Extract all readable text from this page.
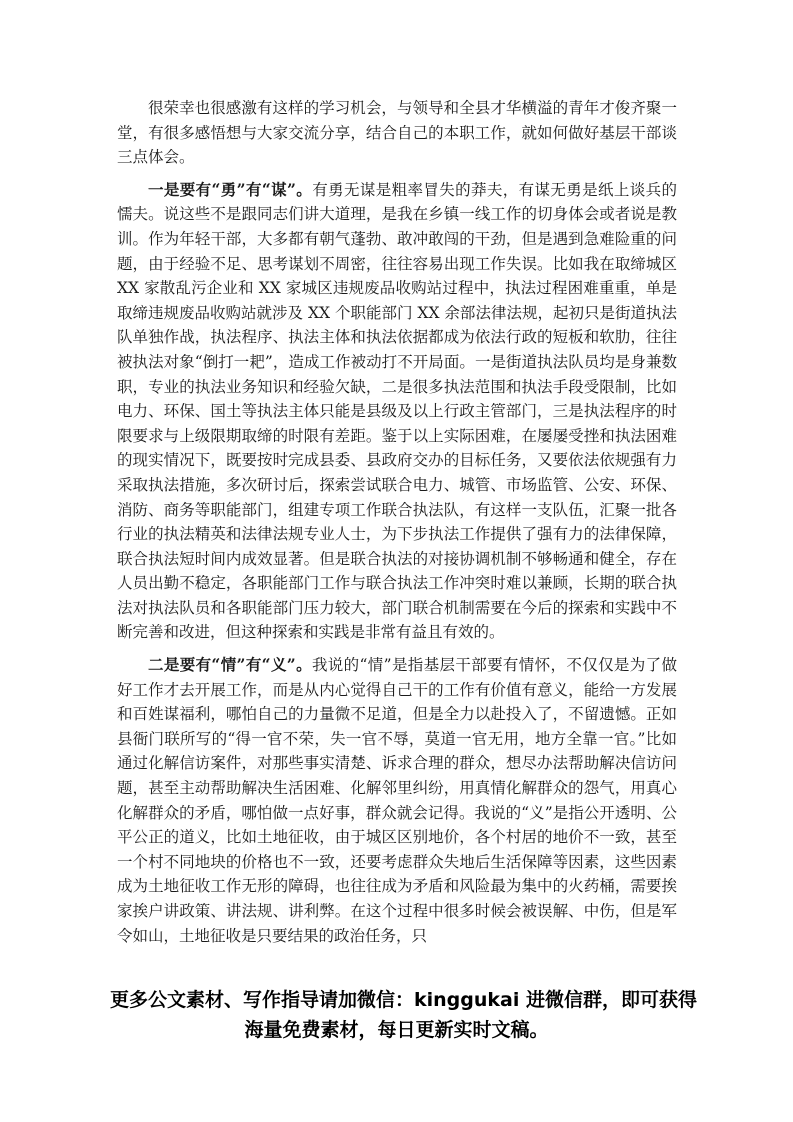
很荣幸也很感激有这样的学习机会，与领导和全县才华横溢的青年才俊齐聚一堂，有很多感悟想与大家交流分享，结合自己的本职工作，就如何做好基层干部谈三点体会。

一是要有“勇”有“谋”。有勇无谋是粗率冒失的莽夫，有谋无勇是纸上谈兵的懦夫。说这些不是跟同志们讲大道理，是我在乡镇一线工作的切身体会或者说是教训。作为年轻干部，大多都有朝气蓬勃、敢冲敢闯的干劲，但是遇到急难险重的问题，由于经验不足、思考谋划不周密，往往容易出现工作失误。比如我在取缔城区 XX 家散乱污企业和 XX 家城区违规废品收购站过程中，执法过程困难重重，单是取缔违规废品收购站就涉及 XX 个职能部门 XX 余部法律法规，起初只是街道执法队单独作战，执法程序、执法主体和执法依据都成为依法行政的短板和软肋，往往被执法对象“倒打一耙”，造成工作被动打不开局面。一是街道执法队员均是身兼数职，专业的执法业务知识和经验欠缺，二是很多执法范围和执法手段受限制，比如电力、环保、国土等执法主体只能是县级及以上行政主管部门，三是执法程序的时限要求与上级限期取缔的时限有差距。鉴于以上实际困难，在屡屡受挫和执法困难的现实情况下，既要按时完成县委、县政府交办的目标任务，又要依法依规强有力采取执法措施，多次研讨后，探索尝试联合电力、城管、市场监管、公安、环保、消防、商务等职能部门，组建专项工作联合执法队，有这样一支队伍，汇聚一批各行业的执法精英和法律法规专业人士，为下步执法工作提供了强有力的法律保障，联合执法短时间内成效显著。但是联合执法的对接协调机制不够畅通和健全，存在人员出勤不稳定，各职能部门工作与联合执法工作冲突时难以兼顾，长期的联合执法对执法队员和各职能部门压力较大，部门联合机制需要在今后的探索和实践中不断完善和改进，但这种探索和实践是非常有益且有效的。

二是要有“情”有“义”。我说的“情”是指基层干部要有情怀，不仅仅是为了做好工作才去开展工作，而是从内心觉得自己干的工作有价值有意义，能给一方发展和百姓谋福利，哪怕自己的力量微不足道，但是全力以赴投入了，不留遗憾。正如县衙门联所写的“得一官不荣，失一官不辱，莫道一官无用，地方全靠一官。”比如通过化解信访案件，对那些事实清楚、诉求合理的群众，想尽办法帮助解决信访问题，甚至主动帮助解决生活困难、化解邻里纠纷，用真情化解群众的怨气，用真心化解群众的矛盾，哪怕做一点好事，群众就会记得。我说的“义”是指公开透明、公平公正的道义，比如土地征收，由于城区区别地价，各个村居的地价不一致，甚至一个村不同地块的价格也不一致，还要考虑群众失地后生活保障等因素，这些因素成为土地征收工作无形的障碍，也往往成为矛盾和风险最为集中的火药桶，需要挨家挨户讲政策、讲法规、讲利弊。在这个过程中很多时候会被误解、中伤，但是军令如山，土地征收是只要结果的政治任务，只

更多公文素材、写作指导请加微信：kinggukai 进微信群，即可获得
海量免费素材，每日更新实时文稿。
